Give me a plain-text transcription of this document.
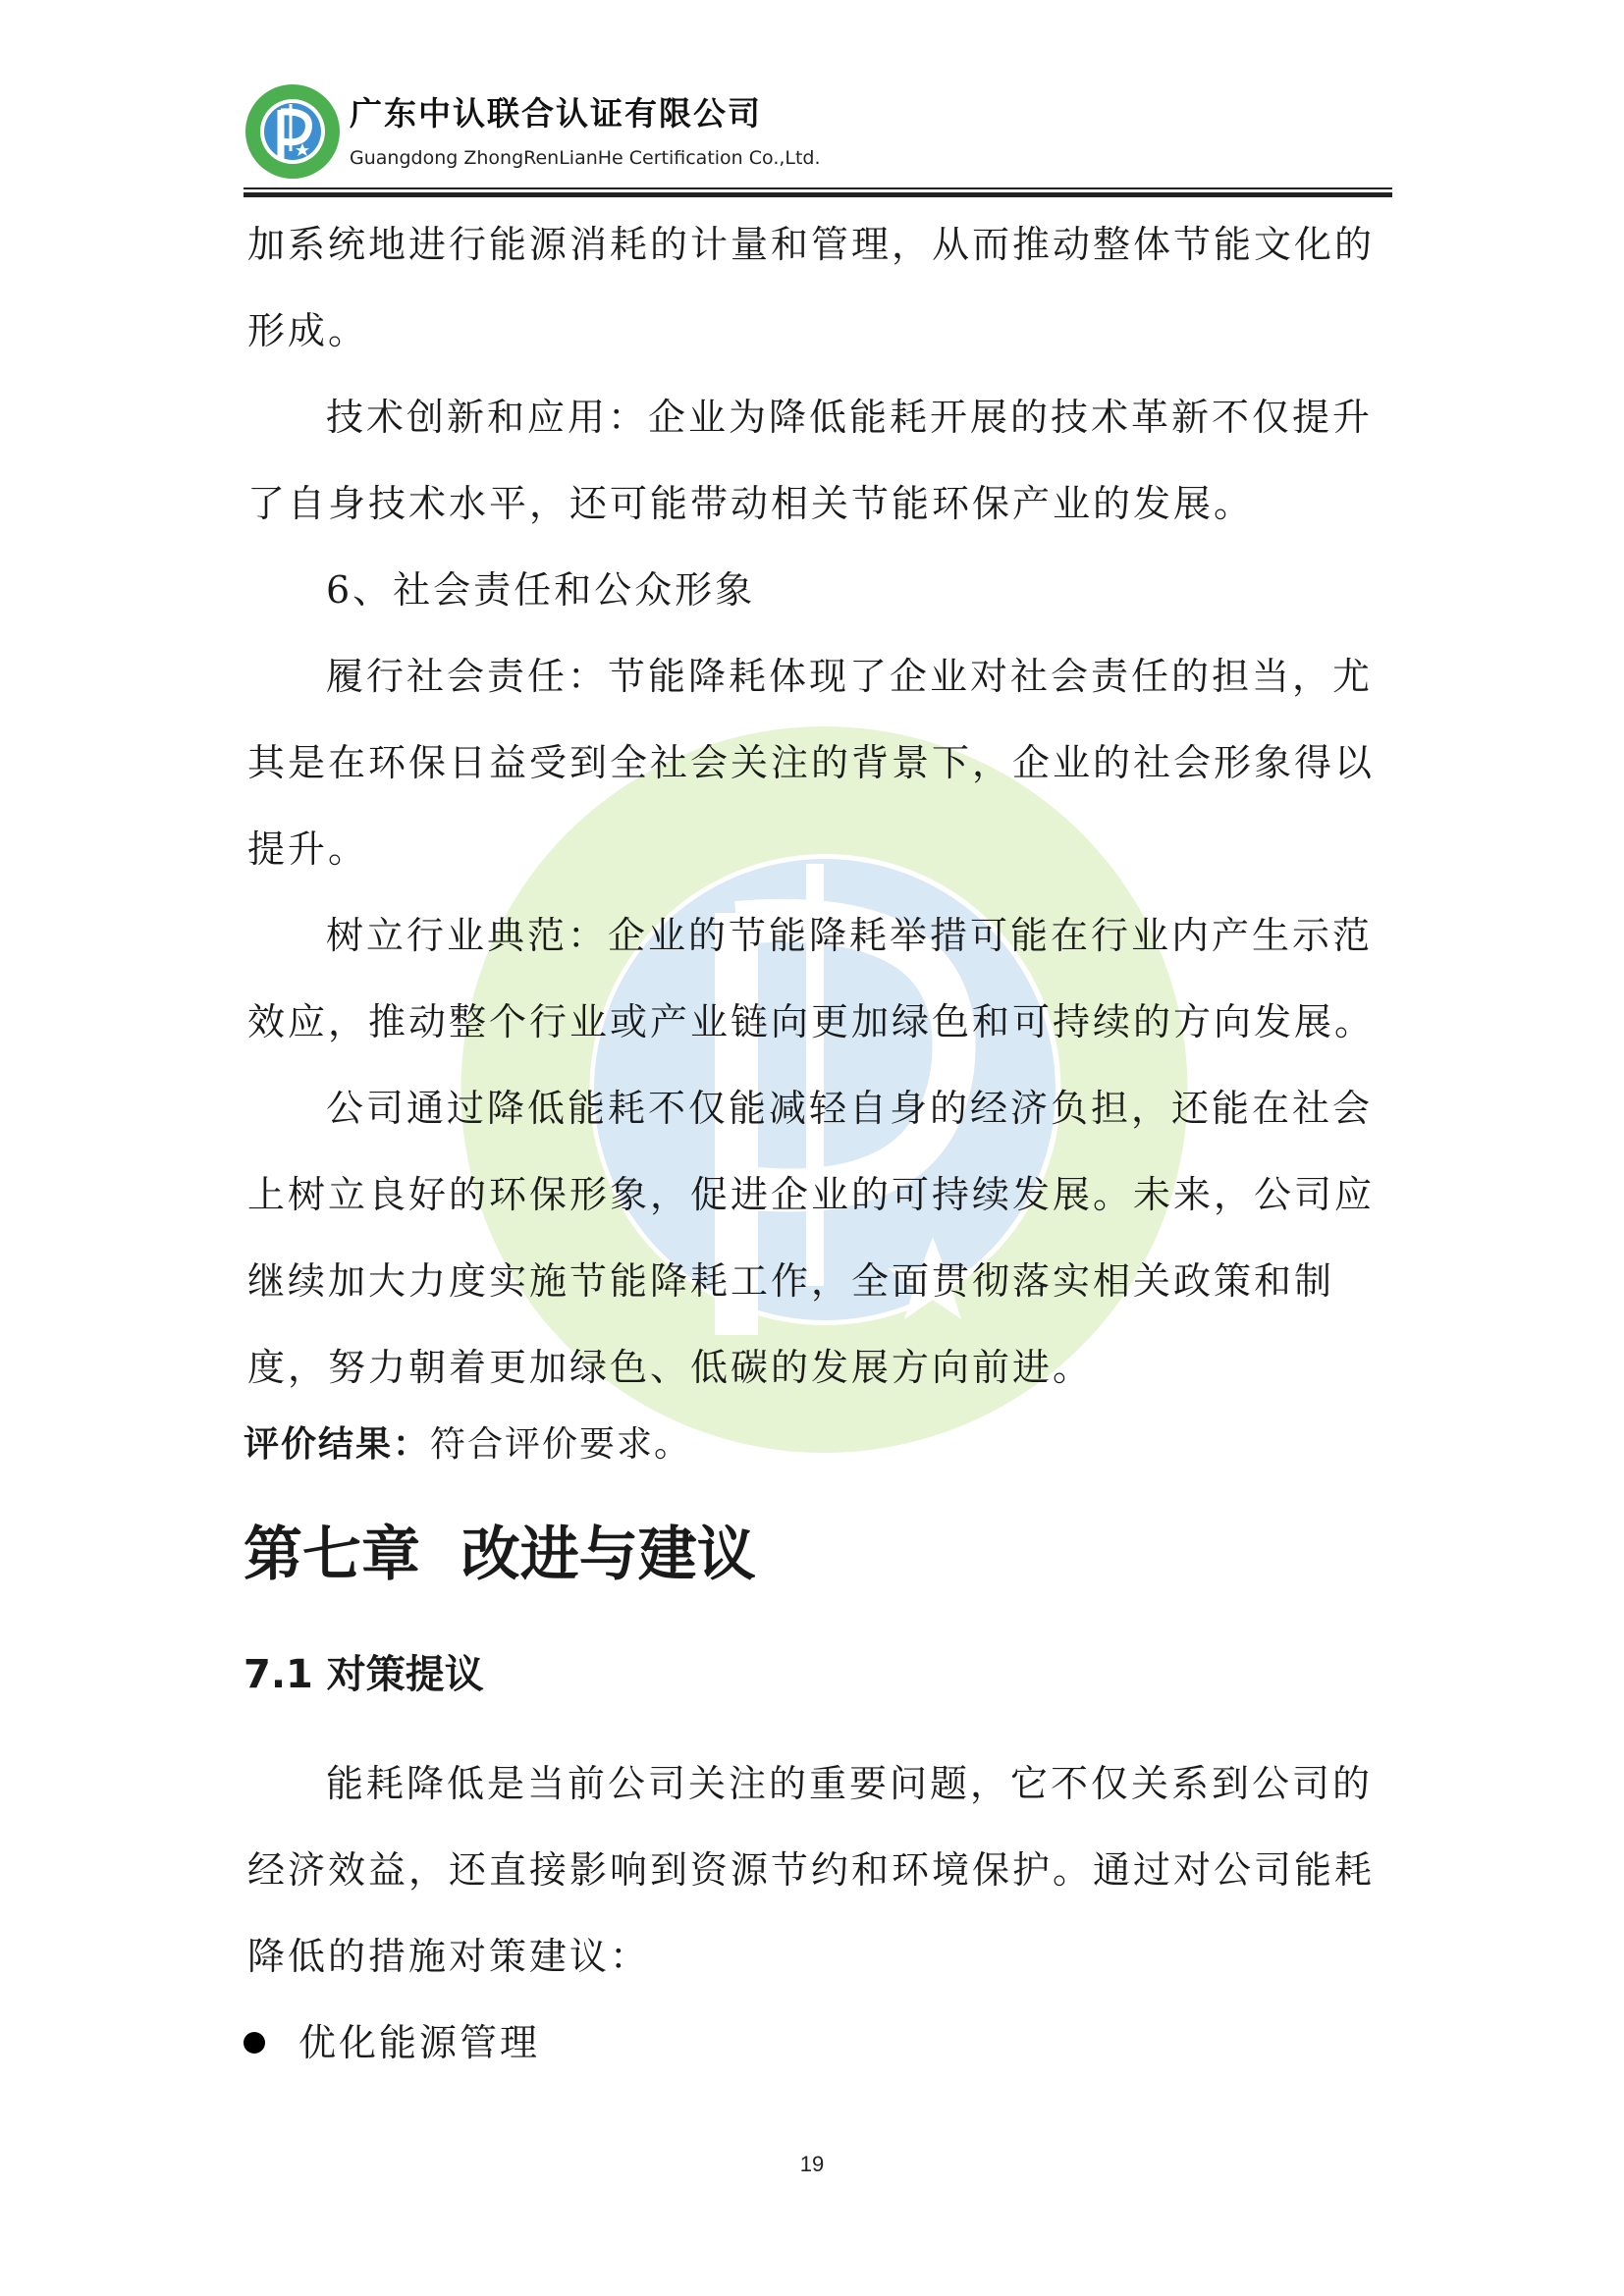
广东中认联合认证有限公司
Guangdong ZhongRenLianHe Certification Co.,Ltd.

加系统地进行能源消耗的计量和管理，从而推动整体节能文化的形成。

技术创新和应用：企业为降低能耗开展的技术革新不仅提升了自身技术水平，还可能带动相关节能环保产业的发展。

6、社会责任和公众形象

履行社会责任：节能降耗体现了企业对社会责任的担当，尤其是在环保日益受到全社会关注的背景下，企业的社会形象得以提升。

树立行业典范：企业的节能降耗举措可能在行业内产生示范效应，推动整个行业或产业链向更加绿色和可持续的方向发展。

公司通过降低能耗不仅能减轻自身的经济负担，还能在社会上树立良好的环保形象，促进企业的可持续发展。未来，公司应继续加大力度实施节能降耗工作，全面贯彻落实相关政策和制度，努力朝着更加绿色、低碳的发展方向前进。

评价结果：符合评价要求。

第七章  改进与建议
7.1 对策提议

能耗降低是当前公司关注的重要问题，它不仅关系到公司的经济效益，还直接影响到资源节约和环境保护。通过对公司能耗降低的措施对策建议：

优化能源管理
19
